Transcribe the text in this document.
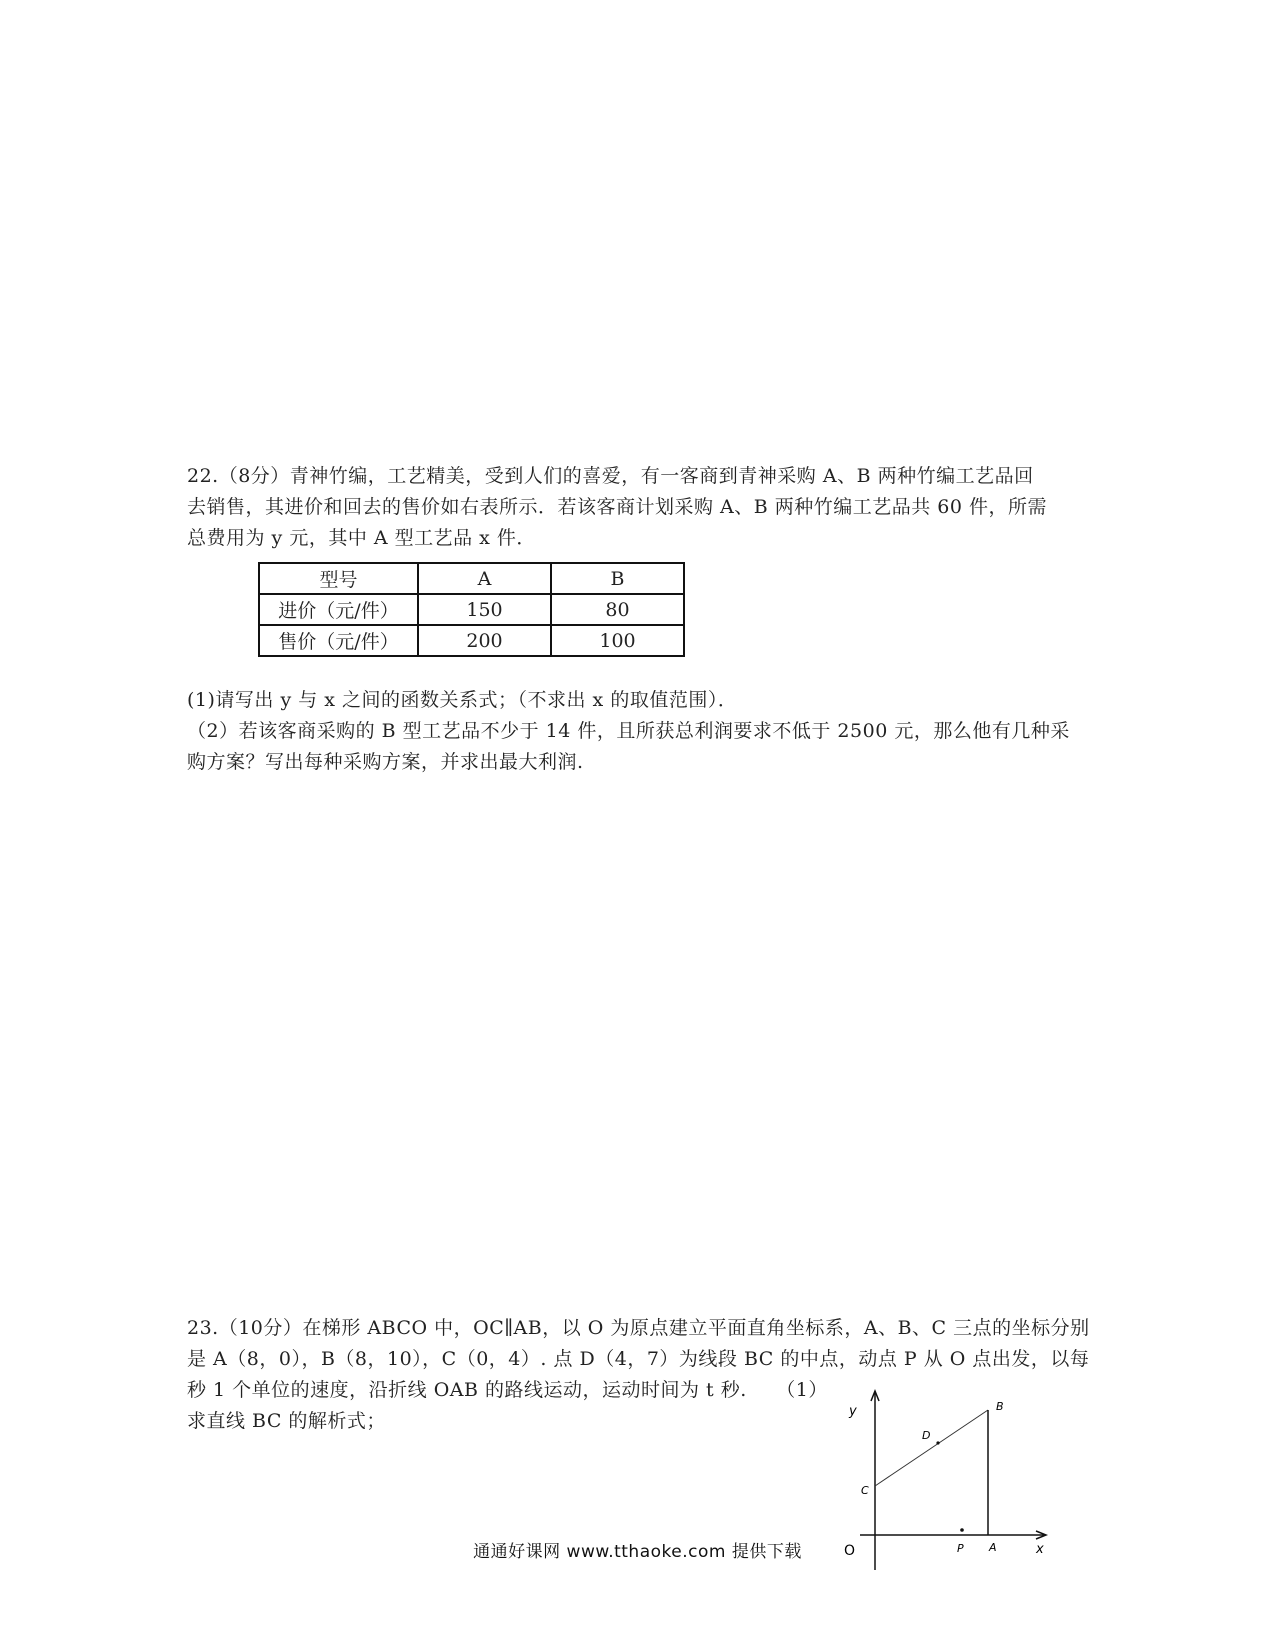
22.（8分）青神竹编，工艺精美，受到人们的喜爱，有一客商到青神采购 A、B 两种竹编工艺品回
去销售，其进价和回去的售价如右表所示．若该客商计划采购 A、B 两种竹编工艺品共 60 件，所需
总费用为 y 元，其中 A 型工艺品 x 件．

型号	A	B
进价（元/件）	150	80
售价（元/件）	200	100

(1)请写出 y 与 x 之间的函数关系式；（不求出 x 的取值范围）．
（2）若该客商采购的 B 型工艺品不少于 14 件，且所获总利润要求不低于 2500 元，那么他有几种采
购方案？写出每种采购方案，并求出最大利润.

23.（10分）在梯形 ABCO 中，OC∥AB，以 O 为原点建立平面直角坐标系，A、B、C 三点的坐标分别
是 A（8，0），B（8，10），C（0，4）. 点 D（4，7）为线段 BC 的中点，动点 P 从 O 点出发，以每
秒 1 个单位的速度，沿折线 OAB 的路线运动，运动时间为 t 秒.　　（1）
求直线 BC 的解析式；	y
x
O	A
B
C
D
P
通通好课网 www.tthaoke.com 提供下载
